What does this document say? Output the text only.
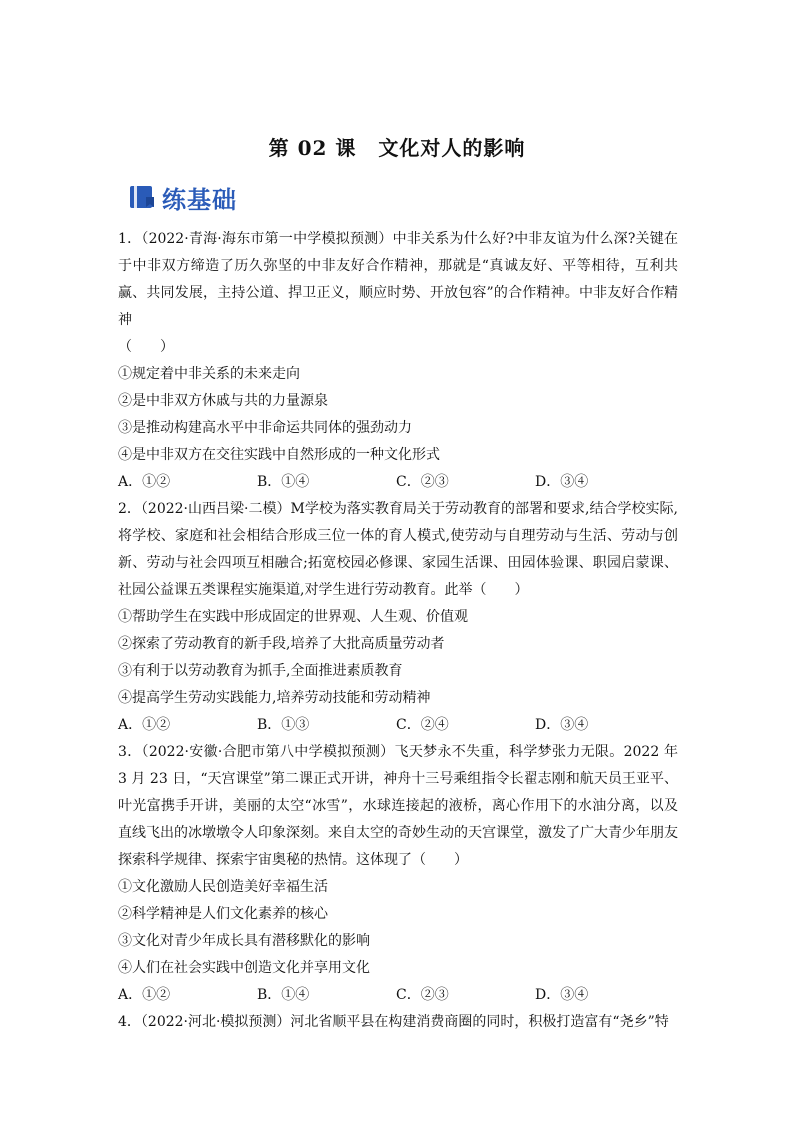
第 02 课 文化对人的影响
练基础
1．（2022·青海·海东市第一中学模拟预测）中非关系为什么好?中非友谊为什么深?关键在于中非双方缔造了历久弥坚的中非友好合作精神，那就是“真诚友好、平等相待，互利共赢、共同发展，主持公道、捍卫正义，顺应时势、开放包容”的合作精神。中非友好合作精神
（　　）
①规定着中非关系的未来走向
②是中非双方休戚与共的力量源泉
③是推动构建高水平中非命运共同体的强劲动力
④是中非双方在交往实践中自然形成的一种文化形式
A．①②	B．①④	C．②③	D．③④
2．（2022·山西吕梁·二模）M学校为落实教育局关于劳动教育的部署和要求,结合学校实际,将学校、家庭和社会相结合形成三位一体的育人模式,使劳动与自理劳动与生活、劳动与创新、劳动与社会四项互相融合;拓宽校园必修课、家园生活课、田园体验课、职园启蒙课、社园公益课五类课程实施渠道,对学生进行劳动教育。此举（　　）
①帮助学生在实践中形成固定的世界观、人生观、价值观
②探索了劳动教育的新手段,培养了大批高质量劳动者
③有利于以劳动教育为抓手,全面推进素质教育
④提高学生劳动实践能力,培养劳动技能和劳动精神
A．①②	B．①③	C．②④	D．③④
3．（2022·安徽·合肥市第八中学模拟预测）飞天梦永不失重，科学梦张力无限。2022 年 3 月 23 日，“天宫课堂”第二课正式开讲，神舟十三号乘组指令长翟志刚和航天员王亚平、叶光富携手开讲，美丽的太空“冰雪”，水球连接起的液桥，离心作用下的水油分离，以及直线飞出的冰墩墩令人印象深刻。来自太空的奇妙生动的天宫课堂，激发了广大青少年朋友探索科学规律、探索宇宙奥秘的热情。这体现了（　　）
①文化激励人民创造美好幸福生活
②科学精神是人们文化素养的核心
③文化对青少年成长具有潜移默化的影响
④人们在社会实践中创造文化并享用文化
A．①②	B．①④	C．②③	D．③④
4．（2022·河北·模拟预测）河北省顺平县在构建消费商圈的同时，积极打造富有“尧乡”特
